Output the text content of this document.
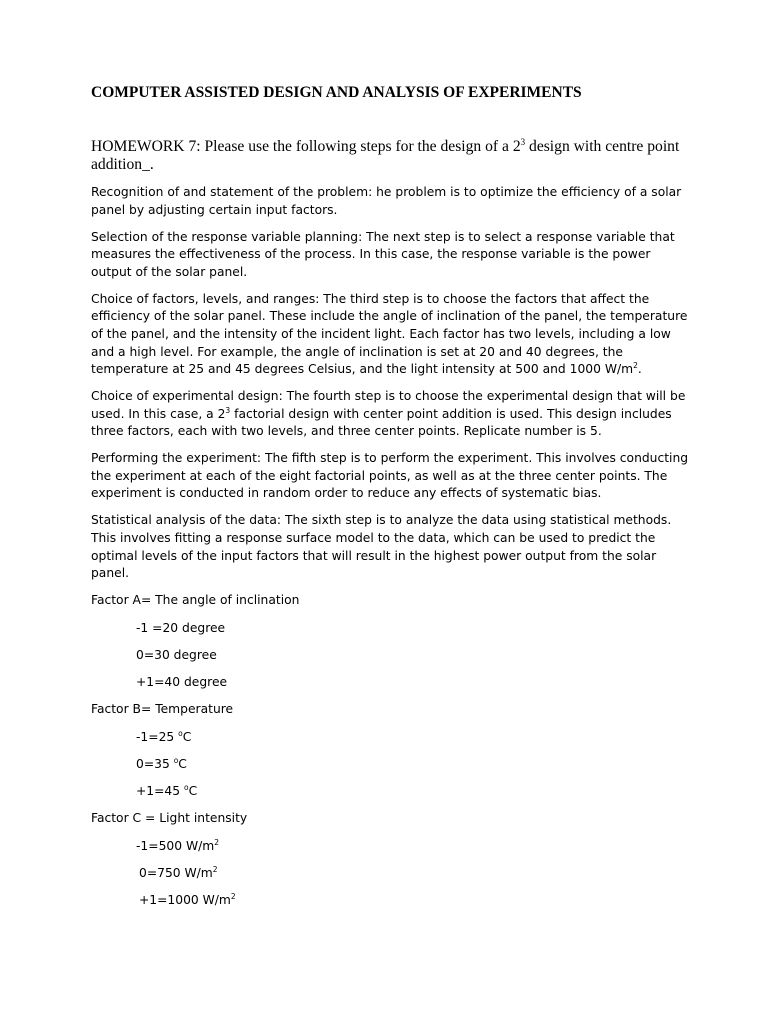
COMPUTER ASSISTED DESIGN AND ANALYSIS OF EXPERIMENTS
HOMEWORK 7: Please use the following steps for the design of a $2^3$ design with centre point addition_.

Recognition of and statement of the problem: he problem is to optimize the efficiency of a solar panel by adjusting certain input factors.

Selection of the response variable planning: The next step is to select a response variable that measures the effectiveness of the process. In this case, the response variable is the power output of the solar panel.

Choice of factors, levels, and ranges: The third step is to choose the factors that affect the efficiency of the solar panel. These include the angle of inclination of the panel, the temperature of the panel, and the intensity of the incident light. Each factor has two levels, including a low and a high level. For example, the angle of inclination is set at 20 and 40 degrees, the temperature at 25 and 45 degrees Celsius, and the light intensity at 500 and 1000 $W/m^2$.

Choice of experimental design: The fourth step is to choose the experimental design that will be used. In this case, a $2^3$ factorial design with center point addition is used. This design includes three factors, each with two levels, and three center points. Replicate number is 5.

Performing the experiment: The fifth step is to perform the experiment. This involves conducting the experiment at each of the eight factorial points, as well as at the three center points. The experiment is conducted in random order to reduce any effects of systematic bias.

Statistical analysis of the data: The sixth step is to analyze the data using statistical methods. This involves fitting a response surface model to the data, which can be used to predict the optimal levels of the input factors that will result in the highest power output from the solar panel.

Factor A= The angle of inclination
-1 =20 degree
0=30 degree
+1=40 degree
Factor B= Temperature
-1=25 $^o$C
0=35 $^o$C
+1=45 $^o$C
Factor C = Light intensity
-1=500 $W/m^2$
0=750 $W/m^2$
+1=1000 $W/m^2$
